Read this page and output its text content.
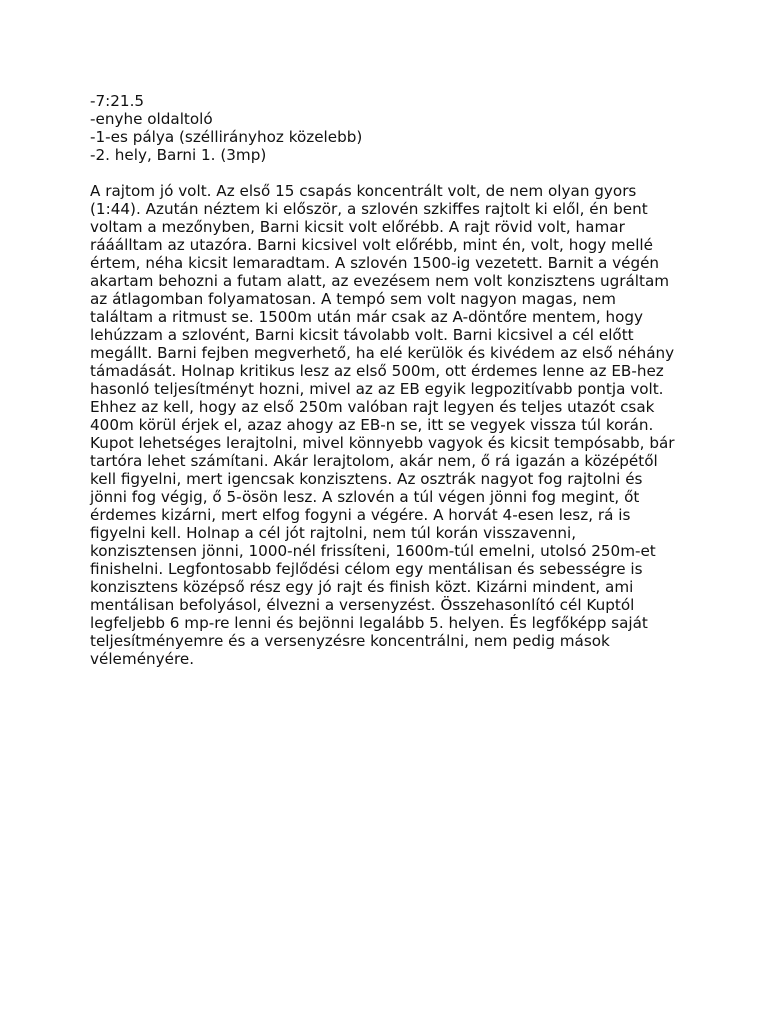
-7:21.5
-enyhe oldaltoló
-1-es pálya (széllirányhoz közelebb)
-2. hely, Barni 1. (3mp)

A rajtom jó volt. Az első 15 csapás koncentrált volt, de nem olyan gyors (1:44). Azután néztem ki először, a szlovén szkiffes rajtolt ki elől, én bent voltam a mezőnyben, Barni kicsit volt előrébb. A rajt rövid volt, hamar rááálltam az utazóra. Barni kicsivel volt előrébb, mint én, volt, hogy mellé értem, néha kicsit lemaradtam. A szlovén 1500-ig vezetett. Barnit a végén akartam behozni a futam alatt, az evezésem nem volt konzisztens ugráltam az átlagomban folyamatosan. A tempó sem volt nagyon magas, nem találtam a ritmust se. 1500m után már csak az A-döntőre mentem, hogy lehúzzam a szlovént, Barni kicsit távolabb volt. Barni kicsivel a cél előtt megállt. Barni fejben megverhető, ha elé kerülök és kivédem az első néhány támadását. Holnap kritikus lesz az első 500m, ott érdemes lenne az EB-hez hasonló teljesítményt hozni, mivel az az EB egyik legpozitívabb pontja volt. Ehhez az kell, hogy az első 250m valóban rajt legyen és teljes utazót csak 400m körül érjek el, azaz ahogy az EB-n se, itt se vegyek vissza túl korán. Kupot lehetséges lerajtolni, mivel könnyebb vagyok és kicsit tempósabb, bár tartóra lehet számítani. Akár lerajtolom, akár nem, ő rá igazán a középétől kell figyelni, mert igencsak konzisztens. Az osztrák nagyot fog rajtolni és jönni fog végig, ő 5-ösön lesz. A szlovén a túl végen jönni fog megint, őt érdemes kizárni, mert elfog fogyni a végére. A horvát 4-esen lesz, rá is figyelni kell. Holnap a cél jót rajtolni, nem túl korán visszavenni, konzisztensen jönni, 1000-nél frissíteni, 1600m-túl emelni, utolsó 250m-et finishelni. Legfontosabb fejlődési célom egy mentálisan és sebességre is konzisztens középső rész egy jó rajt és finish közt. Kizárni mindent, ami mentálisan befolyásol, élvezni a versenyzést. Összehasonlító cél Kuptól legfeljebb 6 mp-re lenni és bejönni legalább 5. helyen. És legfőképp saját teljesítményemre és a versenyzésre koncentrálni, nem pedig mások véleményére.
